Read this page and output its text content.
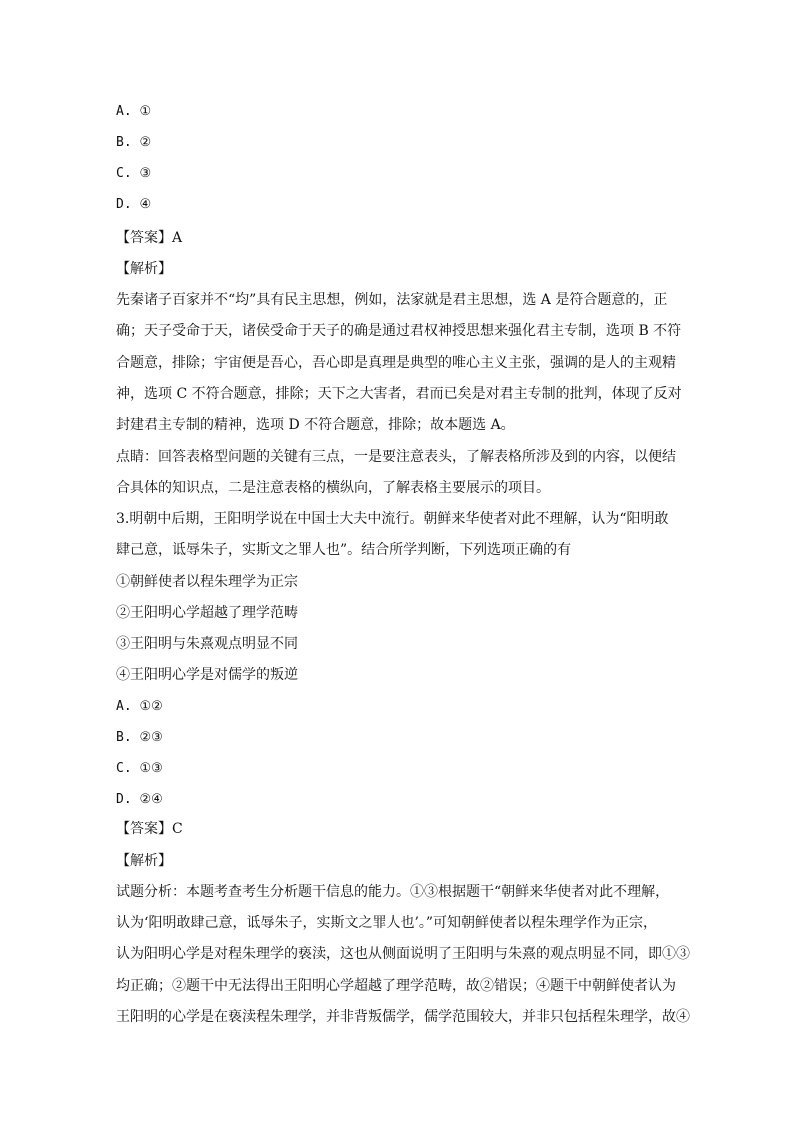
A. ①
B. ②
C. ③
D. ④
【答案】A
【解析】
先秦诸子百家并不“均”具有民主思想，例如，法家就是君主思想，选 A 是符合题意的，正
确；天子受命于天，诸侯受命于天子的确是通过君权神授思想来强化君主专制，选项 B 不符
合题意，排除；宇宙便是吾心，吾心即是真理是典型的唯心主义主张，强调的是人的主观精
神，选项 C 不符合题意，排除；天下之大害者，君而已矣是对君主专制的批判，体现了反对
封建君主专制的精神，选项 D 不符合题意，排除；故本题选 A。
点睛：回答表格型问题的关键有三点，一是要注意表头，了解表格所涉及到的内容，以便结
合具体的知识点，二是注意表格的横纵向，了解表格主要展示的项目。
3.明朝中后期，王阳明学说在中国士大夫中流行。朝鲜来华使者对此不理解，认为“阳明敢
肆己意，诋辱朱子，实斯文之罪人也”。结合所学判断，下列选项正确的有
①朝鲜使者以程朱理学为正宗
②王阳明心学超越了理学范畴
③王阳明与朱熹观点明显不同
④王阳明心学是对儒学的叛逆
A. ①②
B. ②③
C. ①③
D. ②④
【答案】C
【解析】
试题分析：本题考查考生分析题干信息的能力。①③根据题干“朝鲜来华使者对此不理解，
认为‘阳明敢肆己意，诋辱朱子，实斯文之罪人也’。”可知朝鲜使者以程朱理学作为正宗，
认为阳明心学是对程朱理学的亵渎，这也从侧面说明了王阳明与朱熹的观点明显不同，即①③
均正确；②题干中无法得出王阳明心学超越了理学范畴，故②错误；④题干中朝鲜使者认为
王阳明的心学是在亵渎程朱理学，并非背叛儒学，儒学范围较大，并非只包括程朱理学，故④
